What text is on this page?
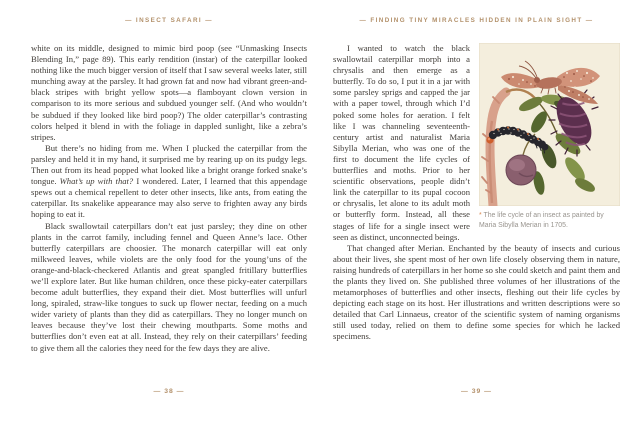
— INSECT SAFARI —

white on its middle, designed to mimic bird poop (see “Unmasking Insects Blending In,” page 89). This early rendition (instar) of the caterpillar looked nothing like the much bigger version of itself that I saw several weeks later, still munching away at the parsley. It had grown fat and now had vibrant green-and-black stripes with bright yellow spots—a flamboyant clown version in comparison to its more serious and subdued younger self. (And who wouldn’t be subdued if they looked like bird poop?) The older caterpillar’s contrasting colors helped it blend in with the foliage in dappled sunlight, like a zebra’s stripes.

But there’s no hiding from me. When I plucked the caterpillar from the parsley and held it in my hand, it surprised me by rearing up on its pudgy legs. Then out from its head popped what looked like a bright orange forked snake’s tongue. What’s up with that? I wondered. Later, I learned that this appendage spews out a chemical repellent to deter other insects, like ants, from eating the caterpillar. Its snakelike appearance may also serve to frighten away any birds hoping to eat it.

Black swallowtail caterpillars don’t eat just parsley; they dine on other plants in the carrot family, including fennel and Queen Anne’s lace. Other butterfly caterpillars are choosier. The monarch caterpillar will eat only milkweed leaves, while violets are the only food for the young’uns of the orange-and-black-checkered Atlantis and great spangled fritillary butterflies we’ll explore later. But like human children, once these picky-eater caterpillars become adult butterflies, they expand their diet. Most butterflies will unfurl long, spiraled, straw-like tongues to suck up flower nectar, feeding on a much wider variety of plants than they did as caterpillars. They no longer munch on leaves because they’ve lost their chewing mouthparts. Some moths and butterflies don’t even eat at all. Instead, they rely on their caterpillars’ feeding to give them all the calories they need for the few days they are alive.

— 38 —
— FINDING TINY MIRACLES HIDDEN IN PLAIN SIGHT —
* The life cycle of an insect as painted by Maria Sibylla Merian in 1705.

I wanted to watch the black swallowtail caterpillar morph into a chrysalis and then emerge as a butterfly. To do so, I put it in a jar with some parsley sprigs and capped the jar with a paper towel, through which I’d poked some holes for aeration. I felt like I was channeling seventeenth-century artist and naturalist Maria Sibylla Merian, who was one of the first to document the life cycles of butterflies and moths. Prior to her scientific observations, people didn’t link the caterpillar to its pupal cocoon or chrysalis, let alone to its adult moth or butterfly form. Instead, all these stages of life for a single insect were seen as distinct, unconnected beings.

That changed after Merian. Enchanted by the beauty of insects and curious about their lives, she spent most of her own life closely observing them in nature, raising hundreds of caterpillars in her home so she could sketch and paint them and the plants they lived on. She published three volumes of her illustrations of the metamorphoses of butterflies and other insects, fleshing out their life cycles by depicting each stage on its host. Her illustrations and written descriptions were so detailed that Carl Linnaeus, creator of the scientific system of naming organisms still used today, relied on them to define some species for which he lacked specimens.

— 39 —
